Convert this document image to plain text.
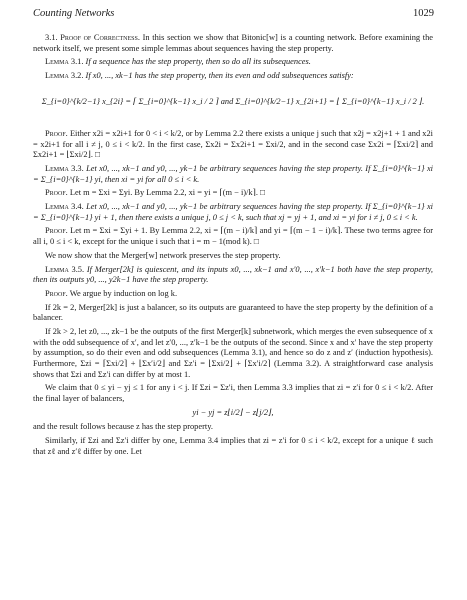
Counting Networks	1029

3.1. Proof of Correctness. In this section we show that Bitonic[w] is a counting network. Before examining the network itself, we present some simple lemmas about sequences having the step property.

Lemma 3.1. If a sequence has the step property, then so do all its subsequences.

Lemma 3.2. If x0, ..., xk−1 has the step property, then its even and odd subsequences satisfy:

Σ_{i=0}^{k/2−1} x_{2i} = ⌈ Σ_{i=0}^{k−1} x_i / 2 ⌉ and Σ_{i=0}^{k/2−1} x_{2i+1} = ⌊ Σ_{i=0}^{k−1} x_i / 2 ⌋.

Proof. Either x2i = x2i+1 for 0 < i < k/2, or by Lemma 2.2 there exists a unique j such that x2j = x2j+1 + 1 and x2i = x2i+1 for all i ≠ j, 0 ≤ i < k/2. In the first case, Σx2i = Σx2i+1 = Σxi/2, and in the second case Σx2i = ⌈Σxi/2⌉ and Σx2i+1 = ⌊Σxi/2⌋. □

Lemma 3.3. Let x0, ..., xk−1 and y0, ..., yk−1 be arbitrary sequences having the step property. If Σ_{i=0}^{k−1} xi = Σ_{i=0}^{k−1} yi, then xi = yi for all 0 ≤ i < k.

Proof. Let m = Σxi = Σyi. By Lemma 2.2, xi = yi = ⌈(m − i)/k⌉. □

Lemma 3.4. Let x0, ..., xk−1 and y0, ..., yk−1 be arbitrary sequences having the step property. If Σ_{i=0}^{k−1} xi = Σ_{i=0}^{k−1} yi + 1, then there exists a unique j, 0 ≤ j < k, such that xj = yj + 1, and xi = yi for i ≠ j, 0 ≤ i < k.

Proof. Let m = Σxi = Σyi + 1. By Lemma 2.2, xi = ⌈(m − i)/k⌉ and yi = ⌈(m − 1 − i)/k⌉. These two terms agree for all i, 0 ≤ i < k, except for the unique i such that i = m − 1(mod k). □

We now show that the Merger[w] network preserves the step property.

Lemma 3.5. If Merger[2k] is quiescent, and its inputs x0, ..., xk−1 and x′0, ..., x′k−1 both have the step property, then its outputs y0, ..., y2k−1 have the step property.

Proof. We argue by induction on log k.

If 2k = 2, Merger[2k] is just a balancer, so its outputs are guaranteed to have the step property by the definition of a balancer.

If 2k > 2, let z0, ..., zk−1 be the outputs of the first Merger[k] subnetwork, which merges the even subsequence of x with the odd subsequence of x′, and let z′0, ..., z′k−1 be the outputs of the second. Since x and x′ have the step property by assumption, so do their even and odd subsequences (Lemma 3.1), and hence so do z and z′ (induction hypothesis). Furthermore, Σzi = ⌈Σxi/2⌉ + ⌊Σx′i/2⌋ and Σz′i = ⌊Σxi/2⌋ + ⌈Σx′i/2⌉ (Lemma 3.2). A straightforward case analysis shows that Σzi and Σz′i can differ by at most 1.

We claim that 0 ≤ yi − yj ≤ 1 for any i < j. If Σzi = Σz′i, then Lemma 3.3 implies that zi = z′i for 0 ≤ i < k/2. After the final layer of balancers,

yi − yj = z⌊i/2⌋ − z⌊j/2⌋,

and the result follows because z has the step property.

Similarly, if Σzi and Σz′i differ by one, Lemma 3.4 implies that zi = z′i for 0 ≤ i < k/2, except for a unique ℓ such that zℓ and z′ℓ differ by one. Let
